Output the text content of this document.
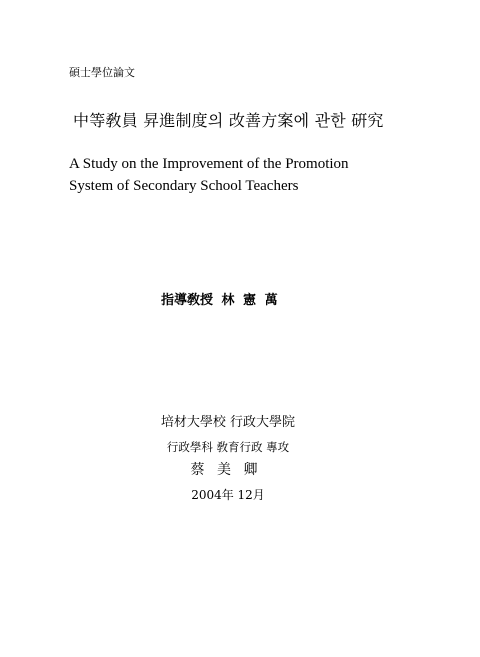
碩士學位論文
中等敎員 昇進制度의 改善方案에 관한 硏究
A Study on the Improvement of the Promotion
System of Secondary School Teachers
指導敎授 林 憲 萬
培材大學校 行政大學院
行政學科 敎育行政 專攻
蔡 美 卿
2004年 12月
